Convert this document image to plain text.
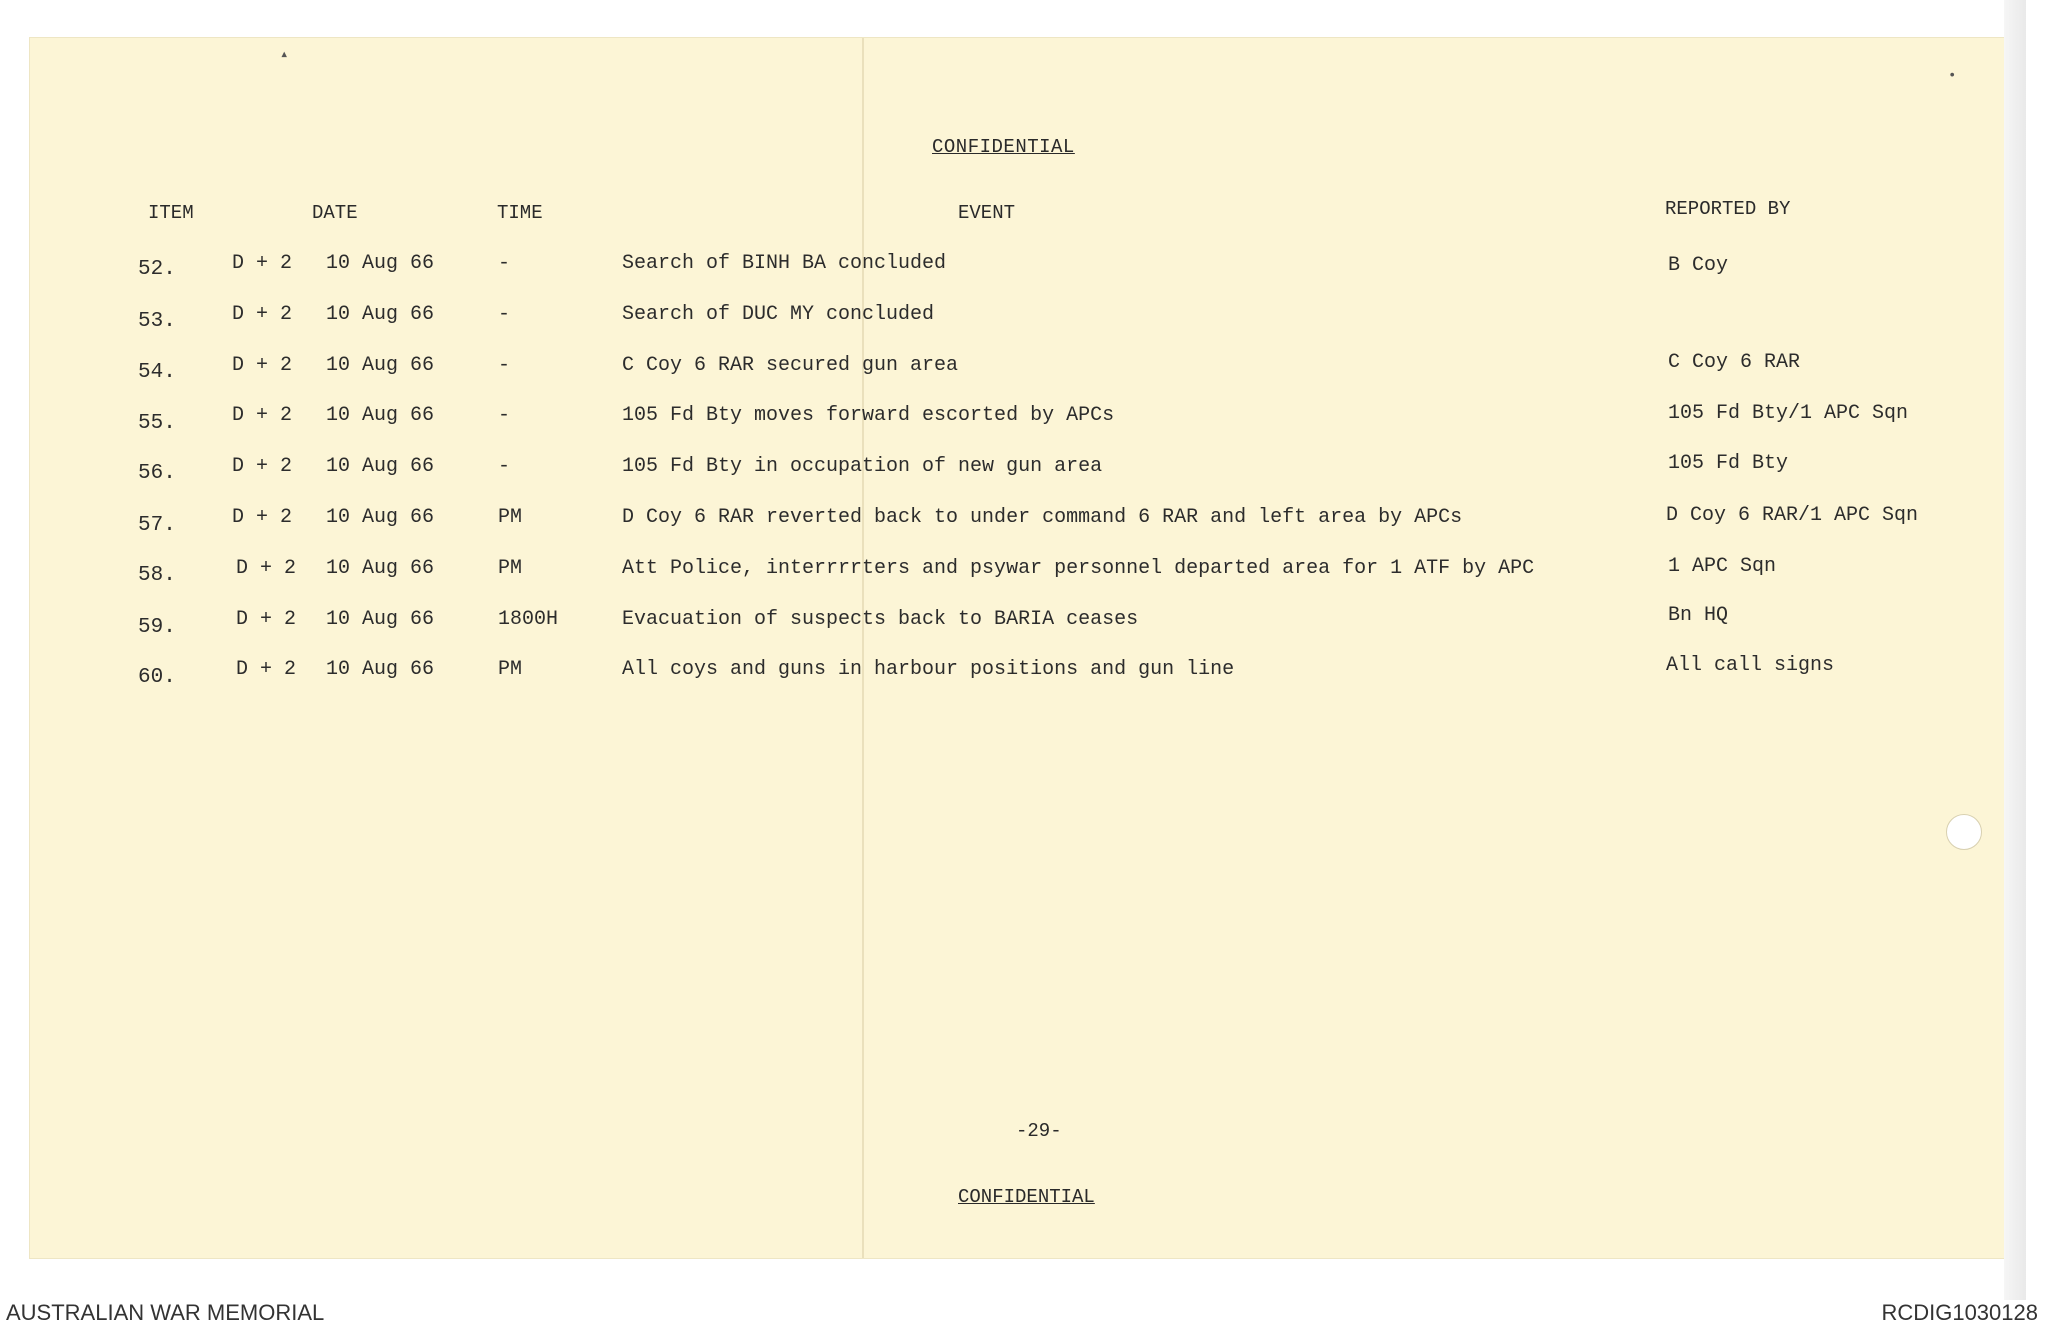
▴
•
CONFIDENTIAL
ITEM	DATE	TIME	EVENT	REPORTED BY
52.	D + 2 10 Aug 66	-	Search of BINH BA concluded	B Coy
53.	D + 2 10 Aug 66	-	Search of DUC MY concluded
54.	D + 2 10 Aug 66	-	C Coy 6 RAR secured gun area	C Coy 6 RAR
55.	D + 2 10 Aug 66	-	105 Fd Bty moves forward escorted by APCs	105 Fd Bty/1 APC Sqn
56.	D + 2 10 Aug 66	-	105 Fd Bty in occupation of new gun area	105 Fd Bty
57.	D + 2 10 Aug 66	PM	D Coy 6 RAR reverted back to under command 6 RAR and left area by APCs	D Coy 6 RAR/1 APC Sqn
58.	D + 2 10 Aug 66	PM	Att Police, interrrrters and psywar personnel departed area for 1 ATF by APC	1 APC Sqn
59.	D + 2 10 Aug 66	1800H	Evacuation of suspects back to BARIA ceases	Bn HQ
60.	D + 2 10 Aug 66	PM	All coys and guns in harbour positions and gun line	All call signs
-29-
CONFIDENTIAL
AUSTRALIAN WAR MEMORIAL	RCDIG1030128
